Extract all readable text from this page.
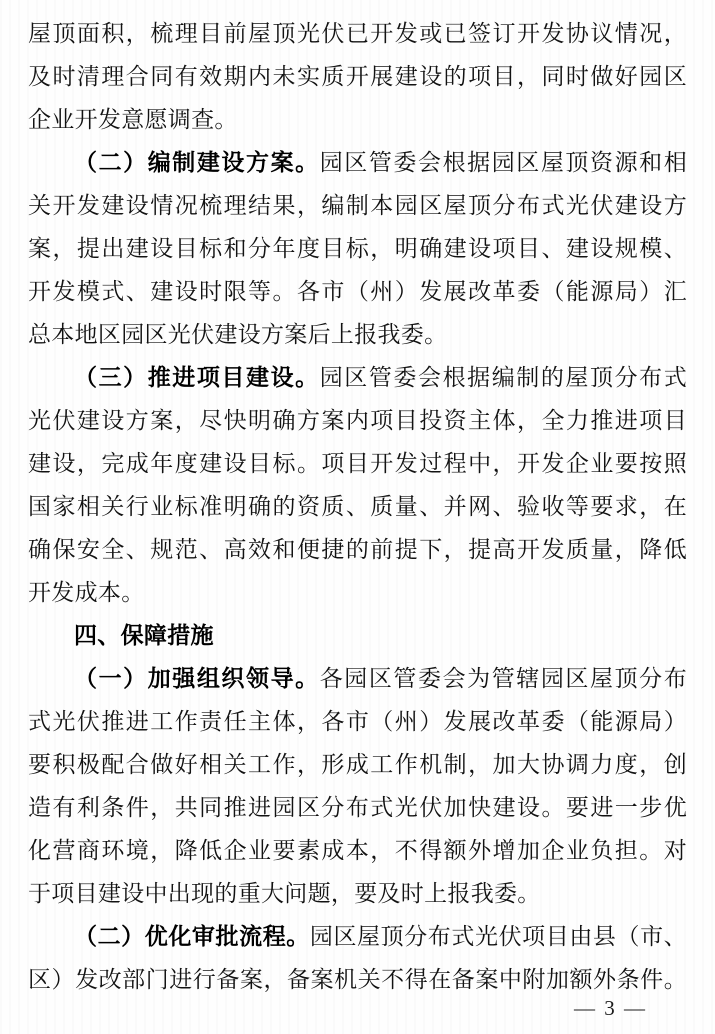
屋顶面积，梳理目前屋顶光伏已开发或已签订开发协议情况，
及时清理合同有效期内未实质开展建设的项目，同时做好园区
企业开发意愿调查。
（二）编制建设方案。园区管委会根据园区屋顶资源和相
关开发建设情况梳理结果，编制本园区屋顶分布式光伏建设方
案，提出建设目标和分年度目标，明确建设项目、建设规模、
开发模式、建设时限等。各市（州）发展改革委（能源局）汇
总本地区园区光伏建设方案后上报我委。
（三）推进项目建设。园区管委会根据编制的屋顶分布式
光伏建设方案，尽快明确方案内项目投资主体，全力推进项目
建设，完成年度建设目标。项目开发过程中，开发企业要按照
国家相关行业标准明确的资质、质量、并网、验收等要求，在
确保安全、规范、高效和便捷的前提下，提高开发质量，降低
开发成本。
四、保障措施
（一）加强组织领导。各园区管委会为管辖园区屋顶分布
式光伏推进工作责任主体，各市（州）发展改革委（能源局）
要积极配合做好相关工作，形成工作机制，加大协调力度，创
造有利条件，共同推进园区分布式光伏加快建设。要进一步优
化营商环境，降低企业要素成本，不得额外增加企业负担。对
于项目建设中出现的重大问题，要及时上报我委。
（二）优化审批流程。园区屋顶分布式光伏项目由县（市、
区）发改部门进行备案，备案机关不得在备案中附加额外条件。
— 3 —
